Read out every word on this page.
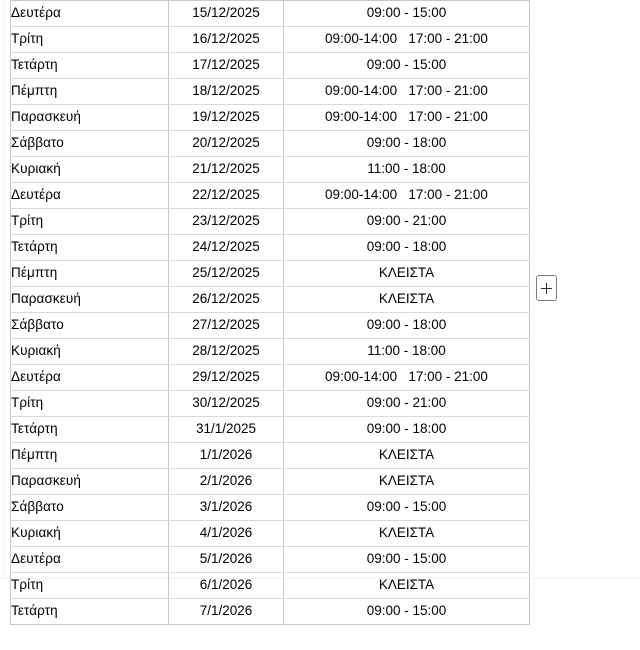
Δευτέρα	15/12/2025	09:00 - 15:00
Τρίτη	16/12/2025	09:00-14:00   17:00 - 21:00
Τετάρτη	17/12/2025	09:00 - 15:00
Πέμπτη	18/12/2025	09:00-14:00   17:00 - 21:00
Παρασκευή	19/12/2025	09:00-14:00   17:00 - 21:00
Σάββατο	20/12/2025	09:00 - 18:00
Κυριακή	21/12/2025	11:00 - 18:00
Δευτέρα	22/12/2025	09:00-14:00   17:00 - 21:00
Τρίτη	23/12/2025	09:00 - 21:00
Τετάρτη	24/12/2025	09:00 - 18:00
Πέμπτη	25/12/2025	ΚΛΕΙΣΤΑ
Παρασκευή	26/12/2025	ΚΛΕΙΣΤΑ
Σάββατο	27/12/2025	09:00 - 18:00
Κυριακή	28/12/2025	11:00 - 18:00
Δευτέρα	29/12/2025	09:00-14:00   17:00 - 21:00
Τρίτη	30/12/2025	09:00 - 21:00
Τετάρτη	31/1/2025	09:00 - 18:00
Πέμπτη	1/1/2026	ΚΛΕΙΣΤΑ
Παρασκευή	2/1/2026	ΚΛΕΙΣΤΑ
Σάββατο	3/1/2026	09:00 - 15:00
Κυριακή	4/1/2026	ΚΛΕΙΣΤΑ
Δευτέρα	5/1/2026	09:00 - 15:00
Τρίτη	6/1/2026	ΚΛΕΙΣΤΑ
Τετάρτη	7/1/2026	09:00 - 15:00
